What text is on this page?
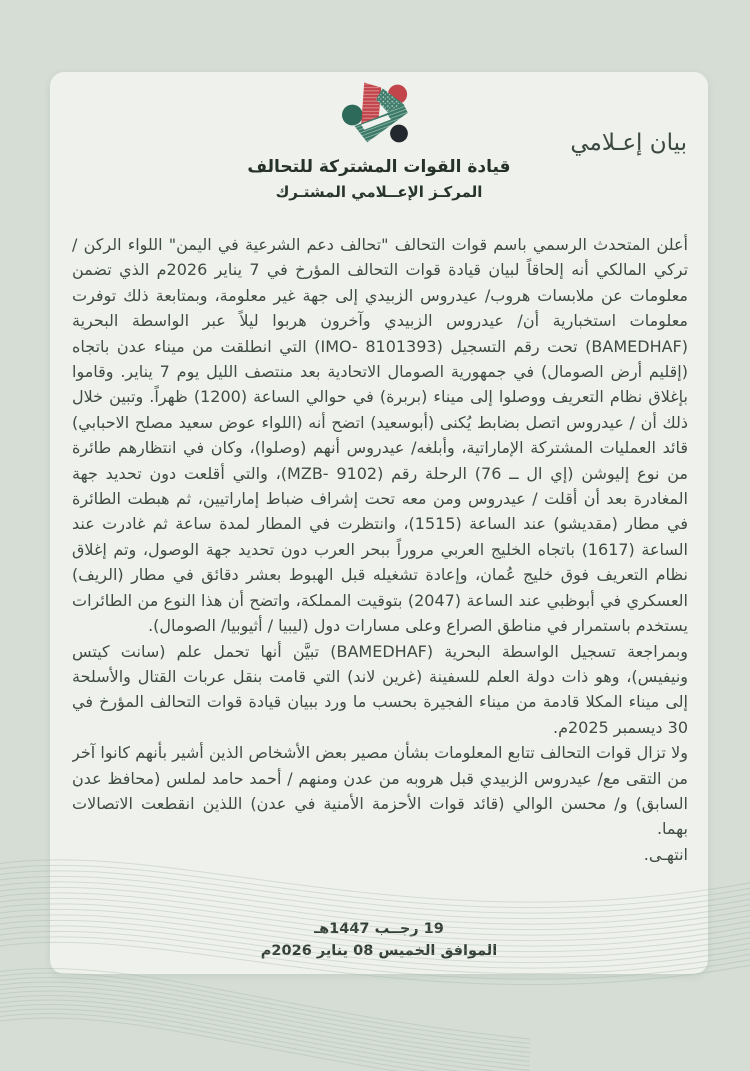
قيادة القوات المشتركة للتحالف
المركـز الإعــلامي المشتـرك
بيان إعـلامي

أعلن المتحدث الرسمي باسم قوات التحالف "تحالف دعم الشرعية في اليمن" اللواء الركن / تركي المالكي أنه إلحاقاً لبيان قيادة قوات التحالف المؤرخ في 7 يناير 2026م الذي تضمن معلومات عن ملابسات هروب/ عيدروس الزبيدي إلى جهة غير معلومة، وبمتابعة ذلك توفرت معلومات استخبارية أن/ عيدروس الزبيدي وآخرون هربوا ليلاً عبر الواسطة البحرية (BAMEDHAF) تحت رقم التسجيل (IMO- 8101393) التي انطلقت من ميناء عدن باتجاه (إقليم أرض الصومال) في جمهورية الصومال الاتحادية بعد منتصف الليل يوم 7 يناير. وقاموا بإغلاق نظام التعريف ووصلوا إلى ميناء (بربرة) في حوالي الساعة (1200) ظهراً. وتبين خلال ذلك أن / عيدروس اتصل بضابط يُكنى (أبوسعيد) اتضح أنه (اللواء عوض سعيد مصلح الاحبابي) قائد العمليات المشتركة الإماراتية، وأبلغه/ عيدروس أنهم (وصلوا)، وكان في انتظارهم طائرة من نوع إليوشن (إي ال ــ 76) الرحلة رقم (MZB- 9102)، والتي أقلعت دون تحديد جهة المغادرة بعد أن أقلت / عيدروس ومن معه تحت إشراف ضباط إماراتيين، ثم هبطت الطائرة في مطار (مقديشو) عند الساعة (1515)، وانتظرت في المطار لمدة ساعة ثم غادرت عند الساعة (1617) باتجاه الخليج العربي مروراً ببحر العرب دون تحديد جهة الوصول، وتم إغلاق نظام التعريف فوق خليج عُمان، وإعادة تشغيله قبل الهبوط بعشر دقائق في مطار (الريف) العسكري في أبوظبي عند الساعة (2047) بتوقيت المملكة، واتضح أن هذا النوع من الطائرات يستخدم باستمرار في مناطق الصراع وعلى مسارات دول (ليبيا / أثيوبيا/ الصومال).

وبمراجعة تسجيل الواسطة البحرية (BAMEDHAF) تبيَّن أنها تحمل علم (سانت كيتس ونيفيس)، وهو ذات دولة العلم للسفينة (غرين لاند) التي قامت بنقل عربات القتال والأسلحة إلى ميناء المكلا قادمة من ميناء الفجيرة بحسب ما ورد ببيان قيادة قوات التحالف المؤرخ في 30 ديسمبر 2025م.

ولا تزال قوات التحالف تتابع المعلومات بشأن مصير بعض الأشخاص الذين أشير بأنهم كانوا آخر من التقى مع/ عيدروس الزبيدي قبل هروبه من عدن ومنهم / أحمد حامد لملس (محافظ عدن السابق) و/ محسن الوالي (قائد قوات الأحزمة الأمنية في عدن) اللذين انقطعت الاتصالات بهما.

انتهـى.

19 رجــب 1447هـ
الموافق الخميس 08 يناير 2026م
